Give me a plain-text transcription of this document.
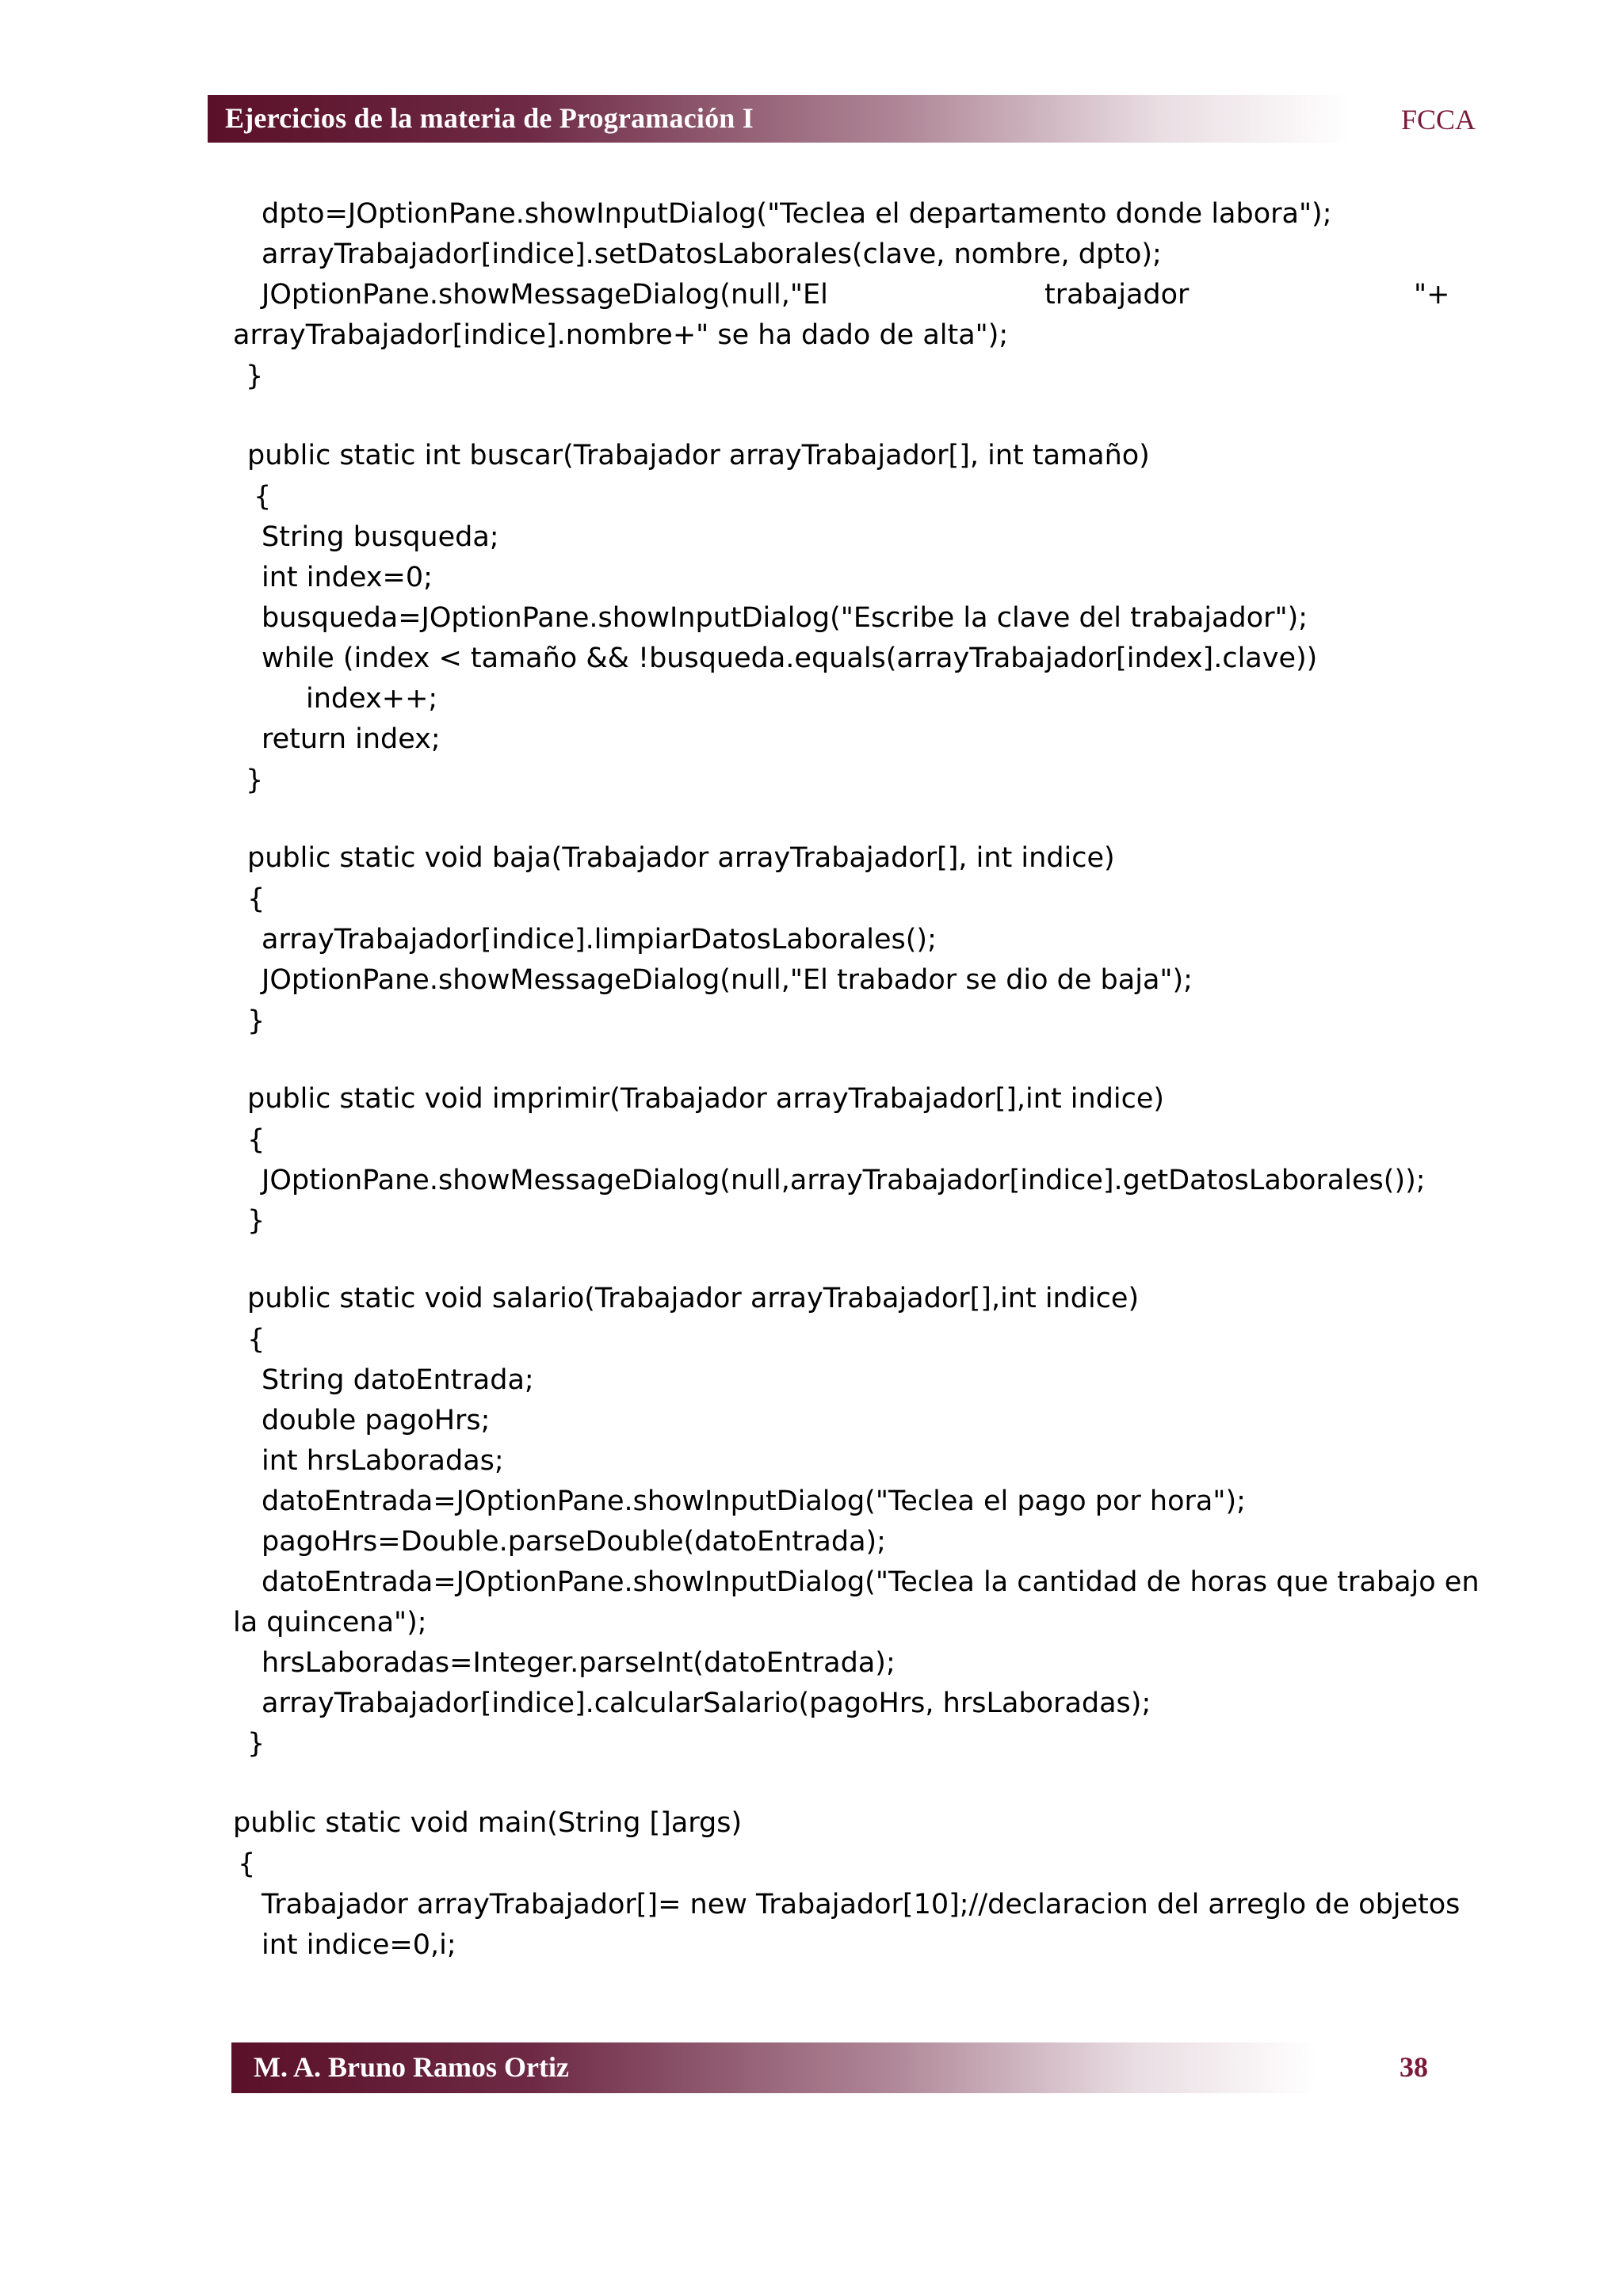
Ejercicios de la materia de Programación I	FCCA
dpto=JOptionPane.showInputDialog("Teclea el departamento donde labora");
arrayTrabajador[indice].setDatosLaborales(clave, nombre, dpto);
JOptionPane.showMessageDialog(null,"El	trabajador	"+
arrayTrabajador[indice].nombre+" se ha dado de alta");
}
public static int buscar(Trabajador arrayTrabajador[], int tamaño)
{
String busqueda;
int index=0;
busqueda=JOptionPane.showInputDialog("Escribe la clave del trabajador");
while (index < tamaño && !busqueda.equals(arrayTrabajador[index].clave))
index++;
return index;
}
public static void baja(Trabajador arrayTrabajador[], int indice)
{
arrayTrabajador[indice].limpiarDatosLaborales();
JOptionPane.showMessageDialog(null,"El trabador se dio de baja");
}
public static void imprimir(Trabajador arrayTrabajador[],int indice)
{
JOptionPane.showMessageDialog(null,arrayTrabajador[indice].getDatosLaborales());
}
public static void salario(Trabajador arrayTrabajador[],int indice)
{
String datoEntrada;
double pagoHrs;
int hrsLaboradas;
datoEntrada=JOptionPane.showInputDialog("Teclea el pago por hora");
pagoHrs=Double.parseDouble(datoEntrada);
datoEntrada=JOptionPane.showInputDialog("Teclea la cantidad de horas que trabajo en
la quincena");
hrsLaboradas=Integer.parseInt(datoEntrada);
arrayTrabajador[indice].calcularSalario(pagoHrs, hrsLaboradas);
}
public static void main(String []args)
{
Trabajador arrayTrabajador[]= new Trabajador[10];//declaracion del arreglo de objetos
int indice=0,i;
M. A. Bruno Ramos Ortiz	38
